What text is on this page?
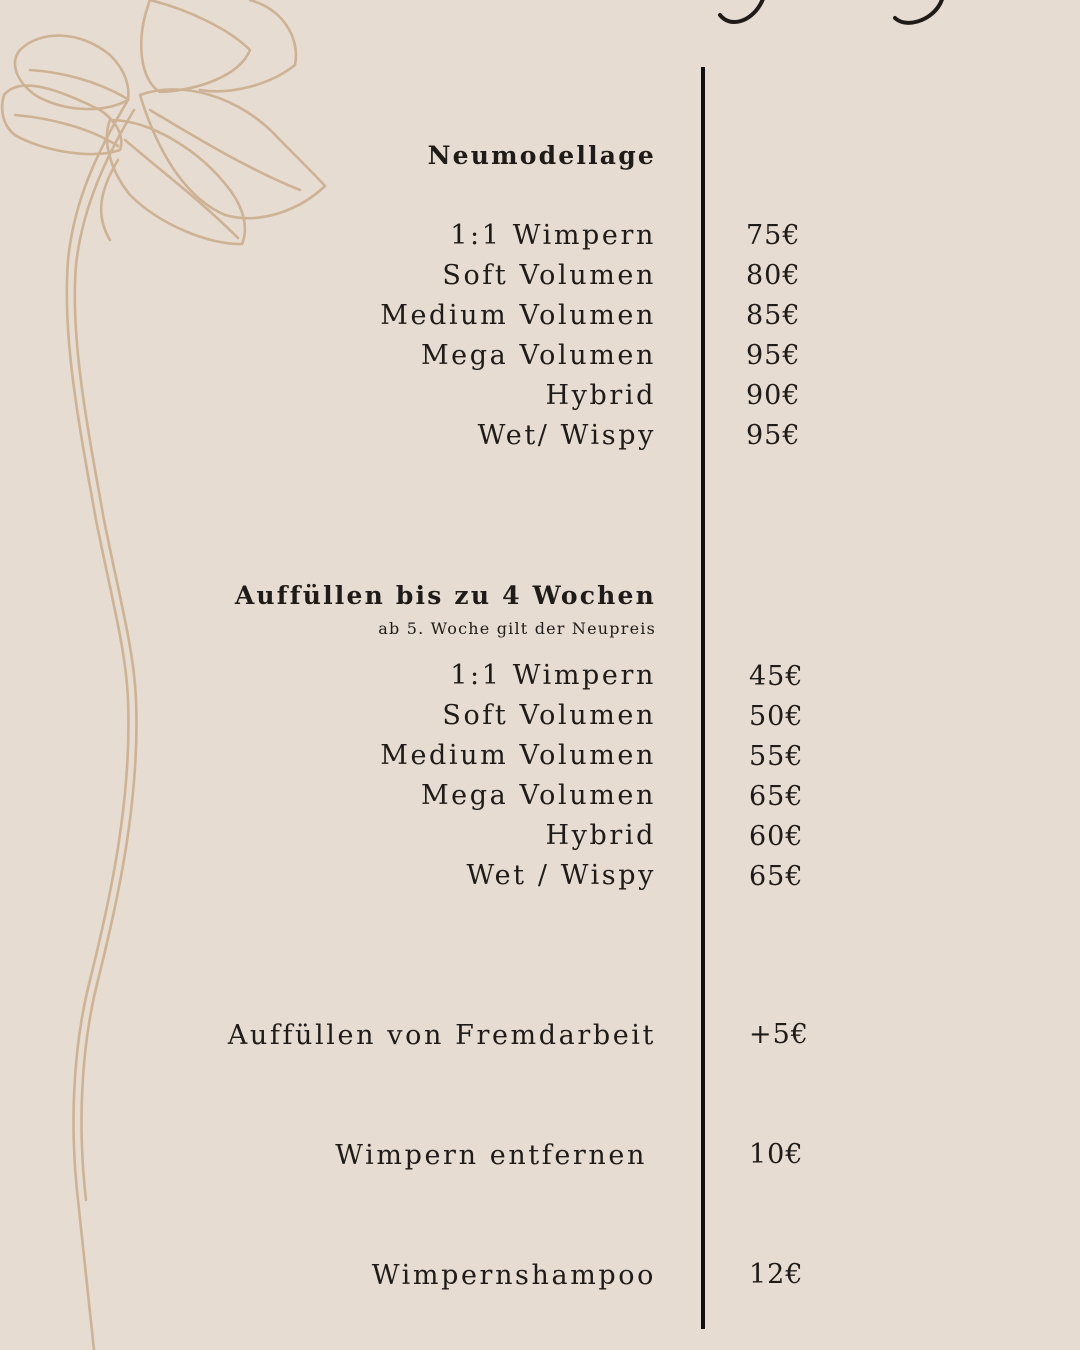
Neumodellage
1:1 Wimpern	75€
Soft Volumen	80€
Medium Volumen	85€
Mega Volumen	95€
Hybrid	90€
Wet/ Wispy	95€
Auffüllen bis zu 4 Wochen
ab 5. Woche gilt der Neupreis
1:1 Wimpern	45€
Soft Volumen	50€
Medium Volumen	55€
Mega Volumen	65€
Hybrid	60€
Wet / Wispy	65€
Auffüllen von Fremdarbeit	+5€
Wimpern entfernen	10€
Wimpernshampoo	12€
